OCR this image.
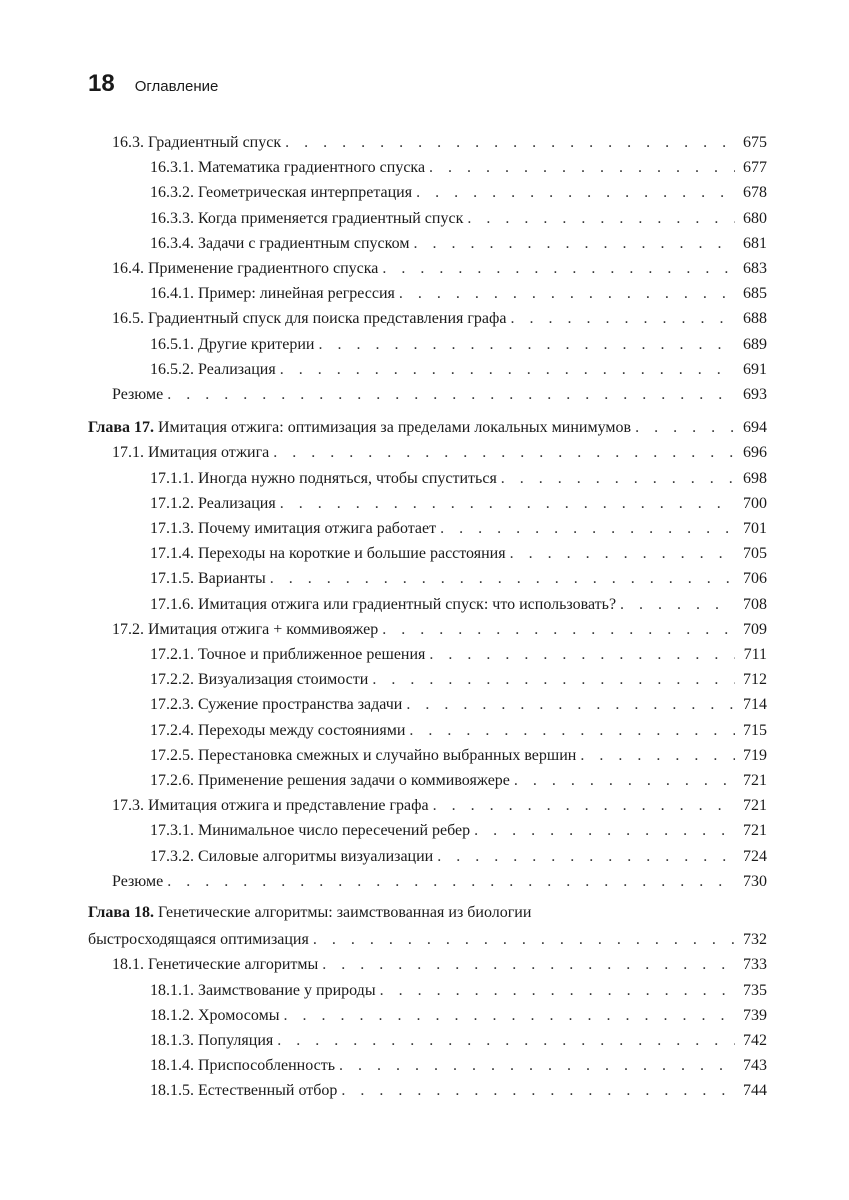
18 Оглавление
16.3. Градиентный спуск . . .	675
16.3.1. Математика градиентного спуска . . .	677
16.3.2. Геометрическая интерпретация . . .	678
16.3.3. Когда применяется градиентный спуск . . .	680
16.3.4. Задачи с градиентным спуском . . .	681
16.4. Применение градиентного спуска . . .	683
16.4.1. Пример: линейная регрессия . . .	685
16.5. Градиентный спуск для поиска представления графа . . .	688
16.5.1. Другие критерии . . .	689
16.5.2. Реализация . . .	691
Резюме . . .	693
Глава 17. Имитация отжига: оптимизация за пределами локальных минимумов . . .	694
17.1. Имитация отжига . . .	696
17.1.1. Иногда нужно подняться, чтобы спуститься . . .	698
17.1.2. Реализация . . .	700
17.1.3. Почему имитация отжига работает . . .	701
17.1.4. Переходы на короткие и большие расстояния . . .	705
17.1.5. Варианты . . .	706
17.1.6. Имитация отжига или градиентный спуск: что использовать? . . .	708
17.2. Имитация отжига + коммивояжер . . .	709
17.2.1. Точное и приближенное решения . . .	711
17.2.2. Визуализация стоимости . . .	712
17.2.3. Сужение пространства задачи . . .	714
17.2.4. Переходы между состояниями . . .	715
17.2.5. Перестановка смежных и случайно выбранных вершин . . .	719
17.2.6. Применение решения задачи о коммивояжере . . .	721
17.3. Имитация отжига и представление графа . . .	721
17.3.1. Минимальное число пересечений ребер . . .	721
17.3.2. Силовые алгоритмы визуализации . . .	724
Резюме . . .	730
Глава 18. Генетические алгоритмы: заимствованная из биологии
быстросходящаяся оптимизация . . .	732
18.1. Генетические алгоритмы . . .	733
18.1.1. Заимствование у природы . . .	735
18.1.2. Хромосомы . . .	739
18.1.3. Популяция . . .	742
18.1.4. Приспособленность . . .	743
18.1.5. Естественный отбор . . .	744
